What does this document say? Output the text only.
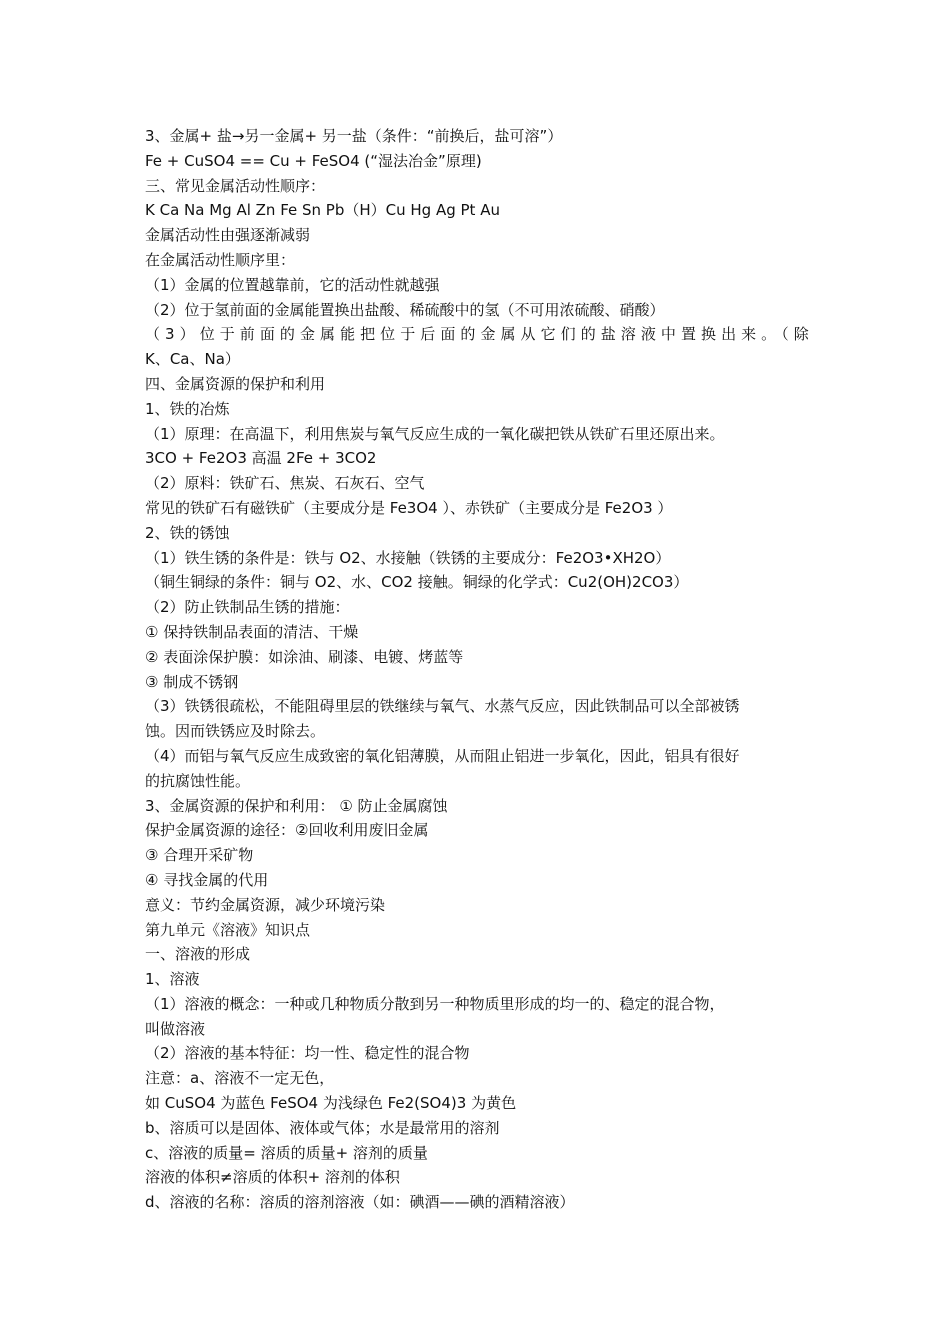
3、金属+ 盐→另一金属+ 另一盐（条件：“前换后，盐可溶”）
Fe + CuSO4 == Cu + FeSO4 (“湿法冶金”原理)
三、常见金属活动性顺序：
K Ca Na Mg Al Zn Fe Sn Pb（H）Cu Hg Ag Pt Au
金属活动性由强逐渐减弱
在金属活动性顺序里：
（1）金属的位置越靠前，它的活动性就越强
（2）位于氢前面的金属能置换出盐酸、稀硫酸中的氢（不可用浓硫酸、硝酸）
（3）位于前面的金属能把位于后面的金属从它们的盐溶液中置换出来。（除
K、Ca、Na）
四、金属资源的保护和利用
1、铁的冶炼
（1）原理：在高温下，利用焦炭与氧气反应生成的一氧化碳把铁从铁矿石里还原出来。
3CO + Fe2O3 高温 2Fe + 3CO2
（2）原料：铁矿石、焦炭、石灰石、空气
常见的铁矿石有磁铁矿（主要成分是 Fe3O4 ）、赤铁矿（主要成分是 Fe2O3 ）
2、铁的锈蚀
（1）铁生锈的条件是：铁与 O2、水接触（铁锈的主要成分：Fe2O3•XH2O）
（铜生铜绿的条件：铜与 O2、水、CO2 接触。铜绿的化学式：Cu2(OH)2CO3）
（2）防止铁制品生锈的措施：
① 保持铁制品表面的清洁、干燥
② 表面涂保护膜：如涂油、刷漆、电镀、烤蓝等
③ 制成不锈钢
（3）铁锈很疏松，不能阻碍里层的铁继续与氧气、水蒸气反应，因此铁制品可以全部被锈
蚀。因而铁锈应及时除去。
（4）而铝与氧气反应生成致密的氧化铝薄膜，从而阻止铝进一步氧化，因此，铝具有很好
的抗腐蚀性能。
3、金属资源的保护和利用： ① 防止金属腐蚀
保护金属资源的途径：②回收利用废旧金属
③ 合理开采矿物
④ 寻找金属的代用
意义：节约金属资源，减少环境污染
第九单元《溶液》知识点
一、溶液的形成
1、溶液
（1）溶液的概念：一种或几种物质分散到另一种物质里形成的均一的、稳定的混合物，
叫做溶液
（2）溶液的基本特征：均一性、稳定性的混合物
注意：a、溶液不一定无色，
如 CuSO4 为蓝色 FeSO4 为浅绿色 Fe2(SO4)3 为黄色
b、溶质可以是固体、液体或气体；水是最常用的溶剂
c、溶液的质量= 溶质的质量+ 溶剂的质量
溶液的体积≠溶质的体积+ 溶剂的体积
d、溶液的名称：溶质的溶剂溶液（如：碘酒——碘的酒精溶液）
